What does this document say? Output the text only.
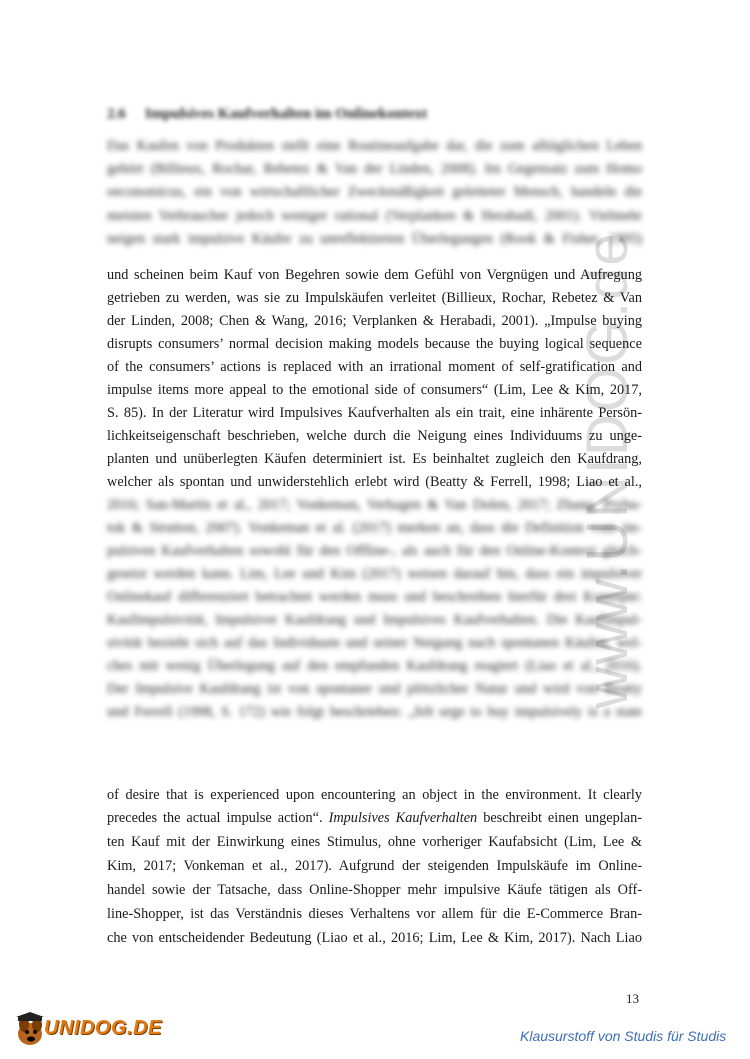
www.UNIDOG.de
2.6 Impulsives Kaufverhalten im Onlinekontext
Das Kaufen von Produkten stellt eine Routineaufgabe dar, die zum alltäglichen Leben
gehört (Billieux, Rochar, Rebetez & Van der Linden, 2008). Im Gegensatz zum Homo
oeconomicus, ein von wirtschaftlicher Zweckmäßigkeit geleiteter Mensch, handeln die
meisten Verbraucher jedoch weniger rational (Verplanken & Herabadi, 2001). Vielmehr
neigen stark impulsive Käufer zu unreflektierten Überlegungen (Rook & Fisher, 1995)
und scheinen beim Kauf von Begehren sowie dem Gefühl von Vergnügen und Aufregung
getrieben zu werden, was sie zu Impulskäufen verleitet (Billieux, Rochar, Rebetez & Van
der Linden, 2008; Chen & Wang, 2016; Verplanken & Herabadi, 2001). „Impulse buying
disrupts consumers’ normal decision making models because the buying logical sequence
of the consumers’ actions is replaced with an irrational moment of self-gratification and
impulse items more appeal to the emotional side of consumers“ (Lim, Lee & Kim, 2017,
S. 85). In der Literatur wird Impulsives Kaufverhalten als ein trait, eine inhärente Persön-
lichkeitseigenschaft beschrieben, welche durch die Neigung eines Individuums zu unge-
planten und unüberlegten Käufen determiniert ist. Es beinhaltet zugleich den Kaufdrang,
welcher als spontan und unwiderstehlich erlebt wird (Beatty & Ferrell, 1998; Liao et al.,
2016; San-Martín et al., 2017; Vonkeman, Verhagen & Van Dolen, 2017; Zhang, Prybu-
tok & Strutton, 2007). Vonkeman et al. (2017) merken an, dass die Definition vom im-
pulsiven Kaufverhalten sowohl für den Offline-, als auch für den Online-Kontext gleich-
gesetzt werden kann. Lim, Lee und Kim (2017) weisen darauf hin, dass ein impulsiver
Onlinekauf differenziert betrachtet werden muss und beschreiben hierfür drei Konzepte:
Kaufimpulsivität, Impulsiver Kaufdrang und Impulsives Kaufverhalten. Die Kaufimpul-
sivität bezieht sich auf das Individuum und seiner Neigung nach spontanen Käufen, wel-
ches mit wenig Überlegung auf den empfunden Kaufdrang reagiert (Liao et al., 2016).
Der Impulsive Kaufdrang ist von spontaner und plötzlicher Natur und wird von Beatty
und Ferrell (1998, S. 172) wie folgt beschrieben: „felt urge to buy impulsively is a state
of desire that is experienced upon encountering an object in the environment. It clearly
precedes the actual impulse action“. Impulsives Kaufverhalten beschreibt einen ungeplan-
ten Kauf mit der Einwirkung eines Stimulus, ohne vorheriger Kaufabsicht (Lim, Lee &
Kim, 2017; Vonkeman et al., 2017). Aufgrund der steigenden Impulskäufe im Online-
handel sowie der Tatsache, dass Online-Shopper mehr impulsive Käufe tätigen als Off-
line-Shopper, ist das Verständnis dieses Verhaltens vor allem für die E-Commerce Bran-
che von entscheidender Bedeutung (Liao et al., 2016; Lim, Lee & Kim, 2017). Nach Liao
13
UNIDOG.DE	Klausurstoff von Studis für Studis
